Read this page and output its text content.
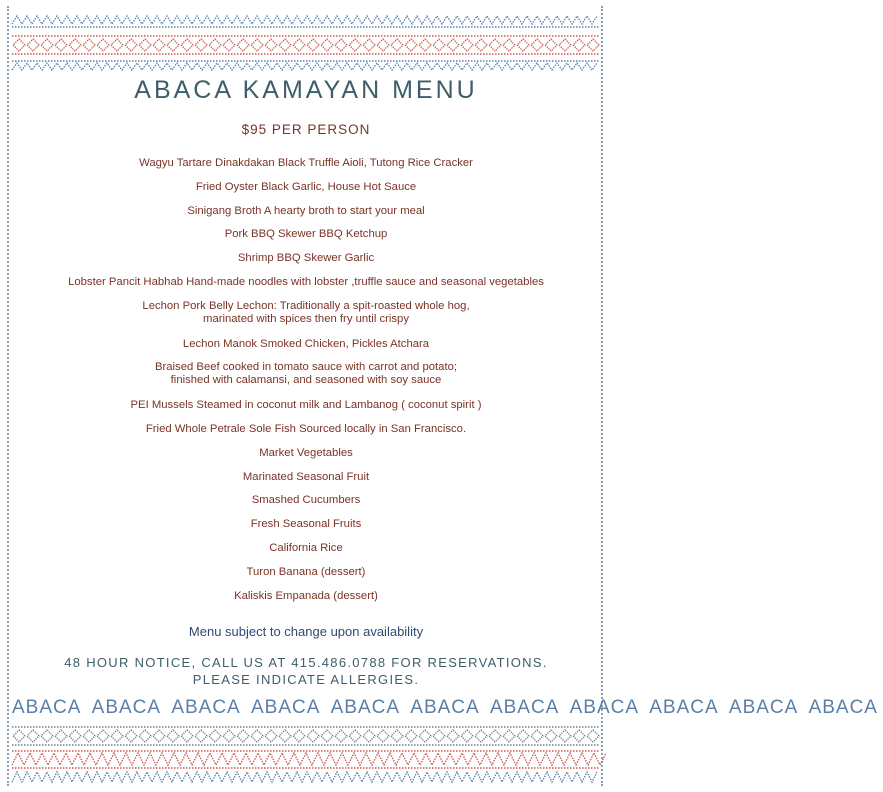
ABACA KAMAYAN MENU
$95 PER PERSON
Wagyu Tartare Dinakdakan Black Truffle Aioli, Tutong Rice Cracker
Fried Oyster Black Garlic, House Hot Sauce
Sinigang Broth A hearty broth to start your meal
Pork BBQ Skewer BBQ Ketchup
Shrimp BBQ Skewer Garlic
Lobster Pancit Habhab Hand-made noodles with lobster ,truffle sauce and seasonal vegetables
Lechon Pork Belly Lechon: Traditionally a spit-roasted whole hog,
marinated with spices then fry until crispy
Lechon Manok Smoked Chicken, Pickles Atchara
Braised Beef cooked in tomato sauce with carrot and potato;
finished with calamansi, and seasoned with soy sauce
PEI Mussels Steamed in coconut milk and Lambanog ( coconut spirit )
Fried Whole Petrale Sole Fish Sourced locally in San Francisco.
Market Vegetables
Marinated Seasonal Fruit
Smashed Cucumbers
Fresh Seasonal Fruits
California Rice
Turon Banana (dessert)
Kaliskis Empanada (dessert)
Menu subject to change upon availability
48 HOUR NOTICE, CALL US AT 415.486.0788 FOR RESERVATIONS.
PLEASE INDICATE ALLERGIES.
ABACA ABACA ABACA ABACA ABACA ABACA ABACA ABACA ABACA ABACA ABACA
